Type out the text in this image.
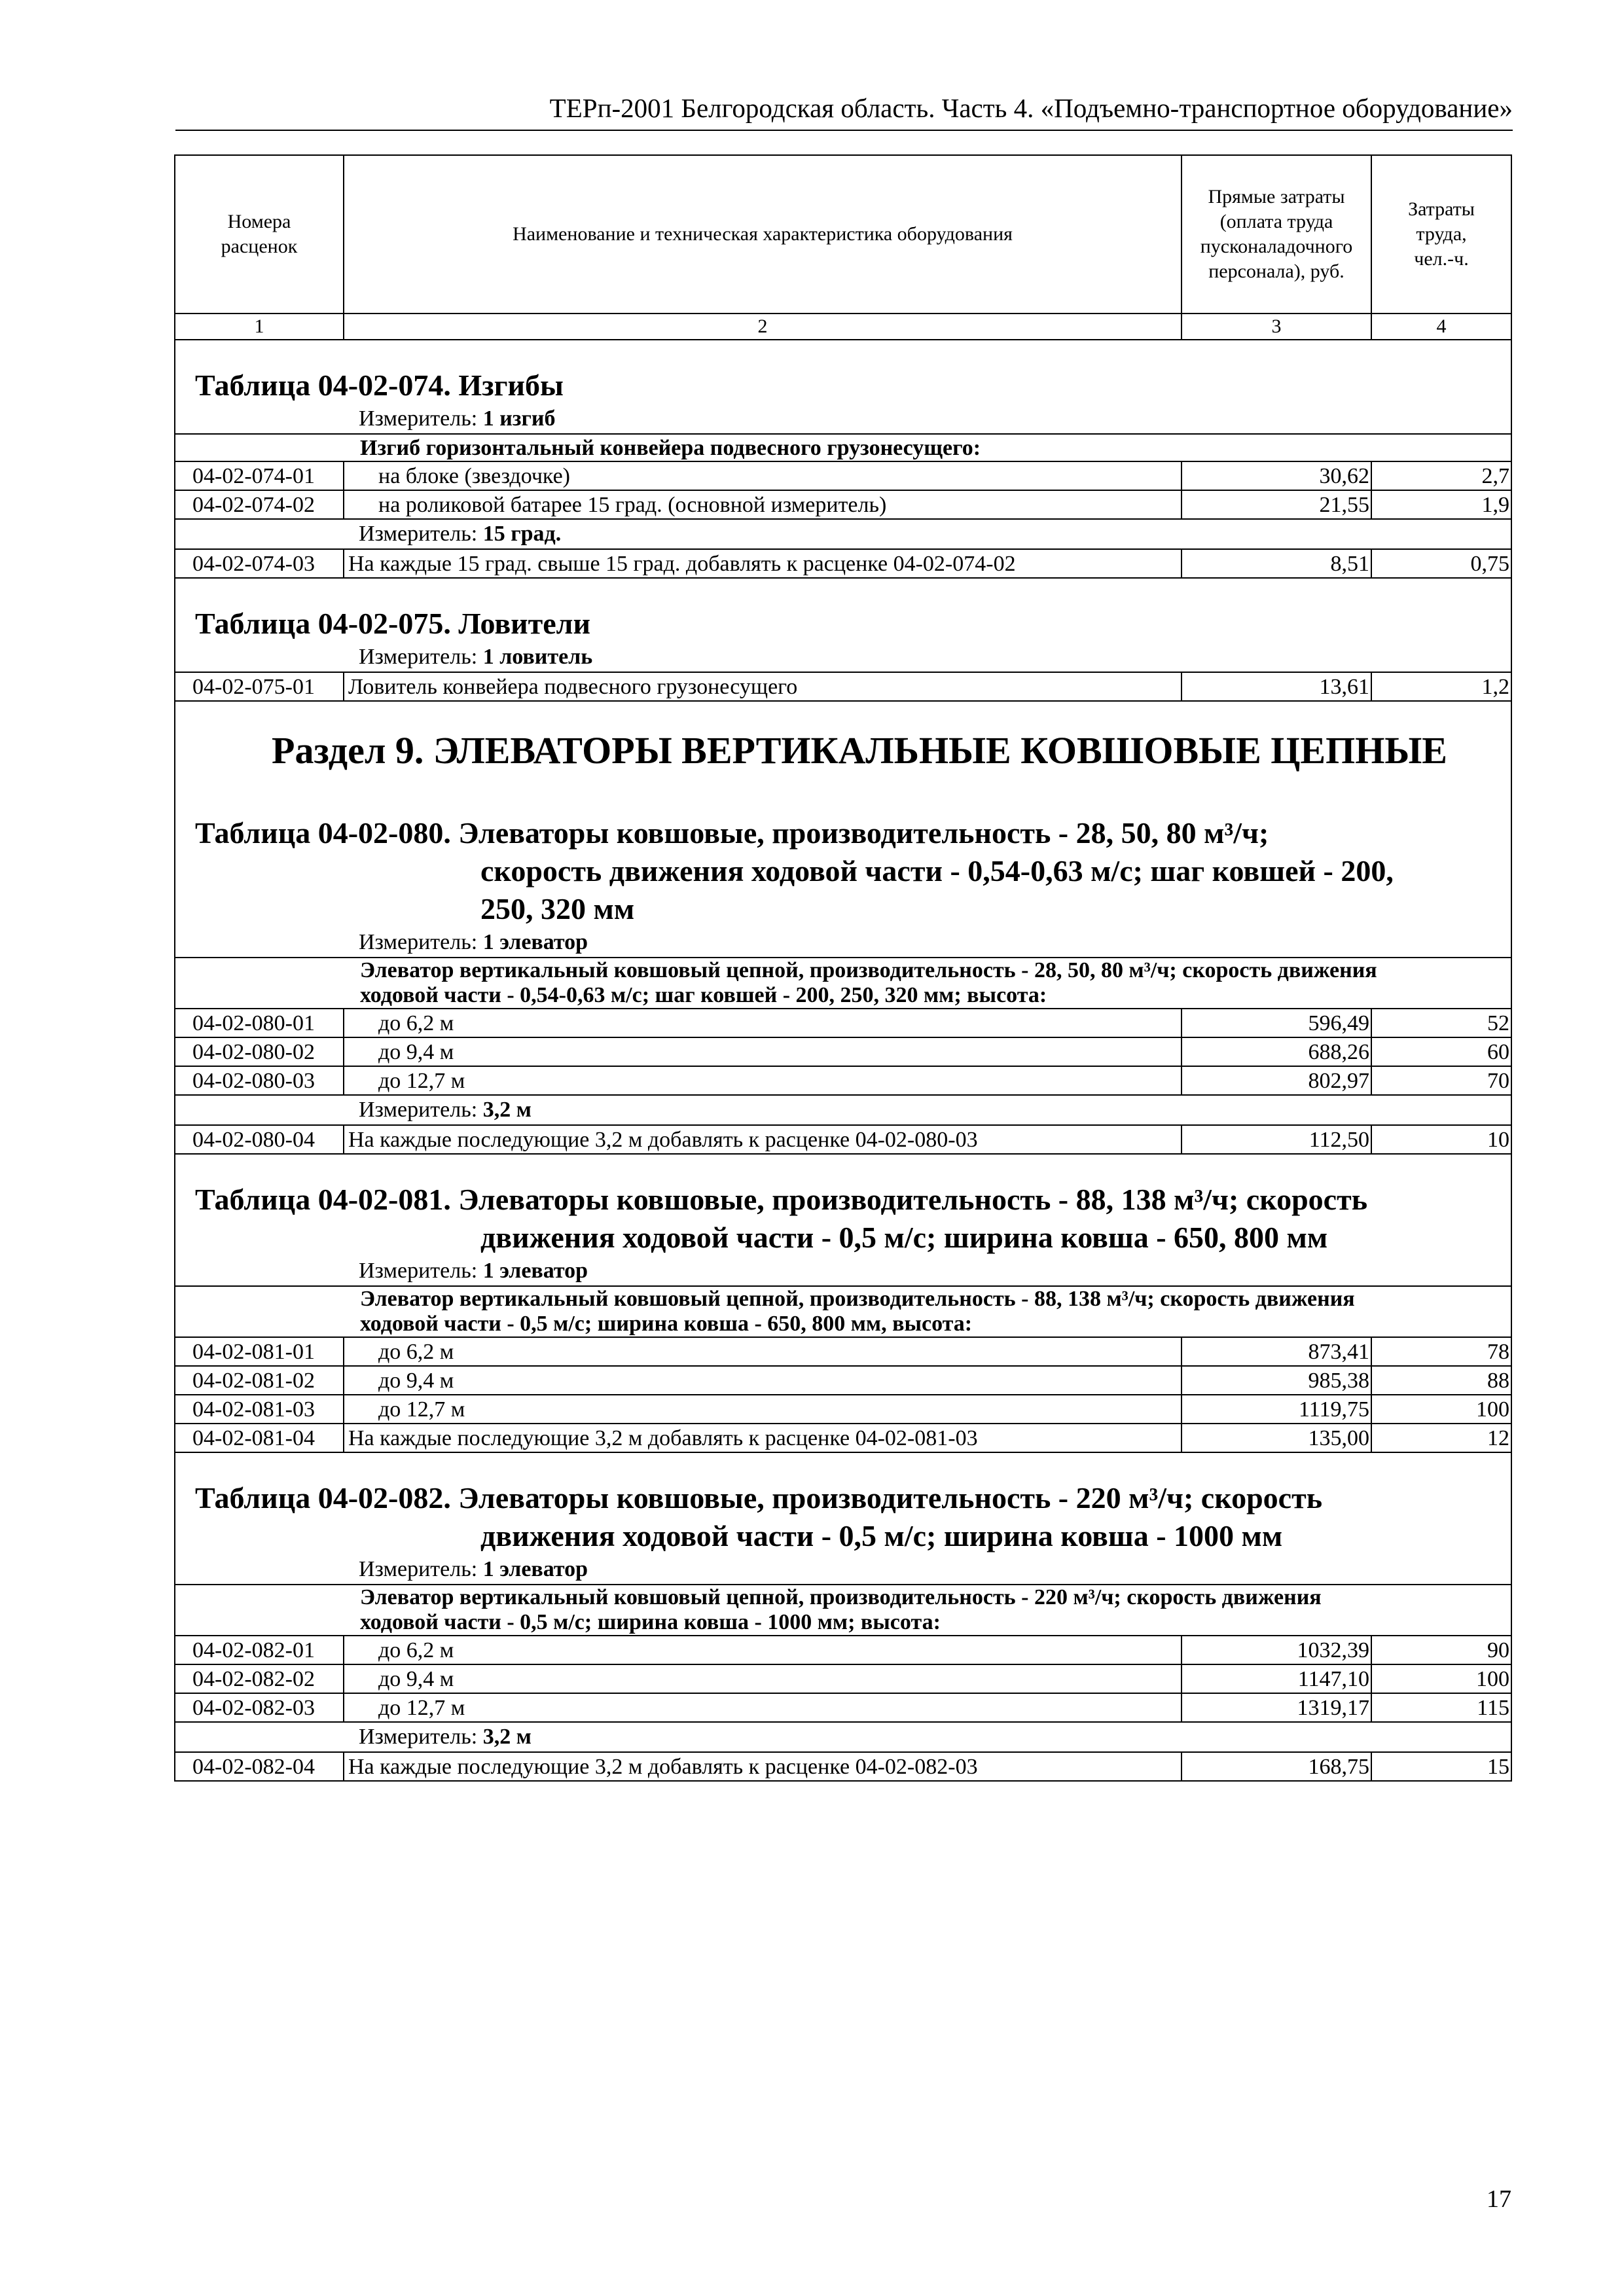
ТЕРп-2001 Белгородская область. Часть 4. «Подъемно-транспортное оборудование»
Номера расценок	Наименование и техническая характеристика оборудования	Прямые затраты (оплата труда пусконаладочного персонала), руб.	Затраты труда, чел.-ч.
1	2	3	4

Таблица 04-02-074. Изгибы			

Измеритель: 1 изгиб			

Изгиб горизонтальный конвейера подвесного грузонесущего:			
04-02-074-01	на блоке (звездочке)	30,62	2,7
04-02-074-02	на роликовой батарее 15 град. (основной измеритель)	21,55	1,9

Измеритель: 15 град.			

04-02-074-03	На каждые 15 град. свыше 15 град. добавлять к расценке 04-02-074-02	8,51	0,75

Таблица 04-02-075. Ловители			

Измеритель: 1 ловитель			

04-02-075-01	Ловитель конвейера подвесного грузонесущего	13,61	1,2

Раздел 9. ЭЛЕВАТОРЫ ВЕРТИКАЛЬНЫЕ КОВШОВЫЕ ЦЕПНЫЕ			

Таблица 04-02-080. Элеваторы ковшовые, производительность - 28, 50, 80 м³/ч;
скорость движения ходовой части - 0,54-0,63 м/с; шаг ковшей - 200,
250, 320 мм			

Измеритель: 1 элеватор			

Элеватор вертикальный ковшовый цепной, производительность - 28, 50, 80 м³/ч; скорость движения
ходовой части - 0,54-0,63 м/с; шаг ковшей - 200, 250, 320 мм; высота:			

04-02-080-01	до 6,2 м	596,49	52
04-02-080-02	до 9,4 м	688,26	60
04-02-080-03	до 12,7 м	802,97	70

Измеритель: 3,2 м			

04-02-080-04	На каждые последующие 3,2 м добавлять к расценке 04-02-080-03	112,50	10

Таблица 04-02-081. Элеваторы ковшовые, производительность - 88, 138 м³/ч; скорость
движения ходовой части - 0,5 м/с; ширина ковша - 650, 800 мм			

Измеритель: 1 элеватор			

Элеватор вертикальный ковшовый цепной, производительность - 88, 138 м³/ч; скорость движения
ходовой части - 0,5 м/с; ширина ковша - 650, 800 мм, высота:			

04-02-081-01	до 6,2 м	873,41	78
04-02-081-02	до 9,4 м	985,38	88
04-02-081-03	до 12,7 м	1119,75	100
04-02-081-04	На каждые последующие 3,2 м добавлять к расценке 04-02-081-03	135,00	12

Таблица 04-02-082. Элеваторы ковшовые, производительность - 220 м³/ч; скорость
движения ходовой части - 0,5 м/с; ширина ковша - 1000 мм			

Измеритель: 1 элеватор			

Элеватор вертикальный ковшовый цепной, производительность - 220 м³/ч; скорость движения
ходовой части - 0,5 м/с; ширина ковша - 1000 мм; высота:			

04-02-082-01	до 6,2 м	1032,39	90
04-02-082-02	до 9,4 м	1147,10	100
04-02-082-03	до 12,7 м	1319,17	115

Измеритель: 3,2 м			

04-02-082-04	На каждые последующие 3,2 м добавлять к расценке 04-02-082-03	168,75	15
17
